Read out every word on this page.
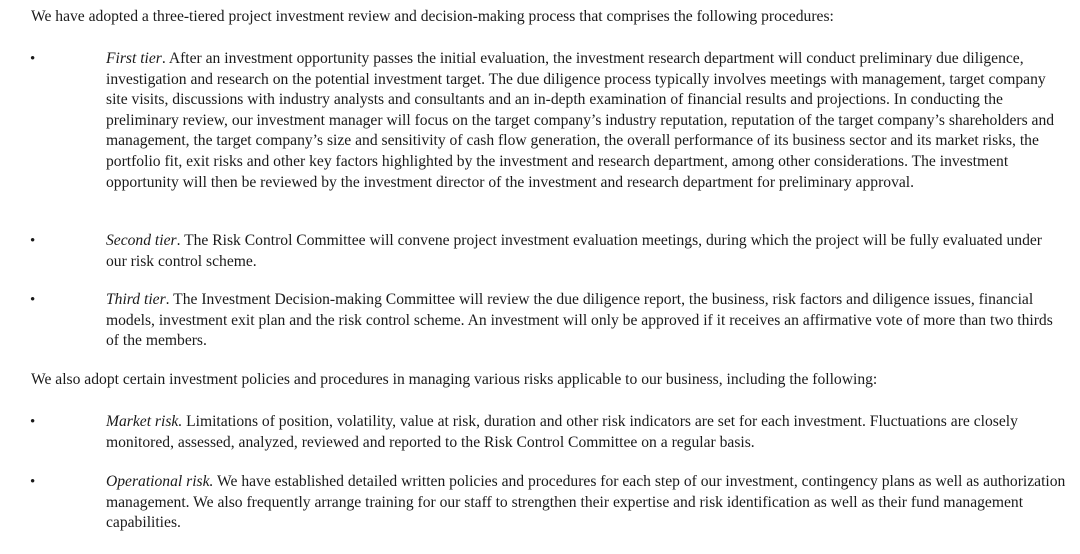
We have adopted a three-tiered project investment review and decision-making process that comprises the following procedures:

•	First tier. After an investment opportunity passes the initial evaluation, the investment research department will conduct preliminary due diligence, investigation and research on the potential investment target. The due diligence process typically involves meetings with management, target company site visits, discussions with industry analysts and consultants and an in-depth examination of financial results and projections. In conducting the preliminary review, our investment manager will focus on the target company’s industry reputation, reputation of the target company’s shareholders and management, the target company’s size and sensitivity of cash flow generation, the overall performance of its business sector and its market risks, the portfolio fit, exit risks and other key factors highlighted by the investment and research department, among other considerations. The investment opportunity will then be reviewed by the investment director of the investment and research department for preliminary approval.

•	Second tier. The Risk Control Committee will convene project investment evaluation meetings, during which the project will be fully evaluated under our risk control scheme.

•	Third tier. The Investment Decision-making Committee will review the due diligence report, the business, risk factors and diligence issues, financial models, investment exit plan and the risk control scheme. An investment will only be approved if it receives an affirmative vote of more than two thirds of the members.

We also adopt certain investment policies and procedures in managing various risks applicable to our business, including the following:

•	Market risk. Limitations of position, volatility, value at risk, duration and other risk indicators are set for each investment. Fluctuations are closely monitored, assessed, analyzed, reviewed and reported to the Risk Control Committee on a regular basis.

•	Operational risk. We have established detailed written policies and procedures for each step of our investment, contingency plans as well as authorization management. We also frequently arrange training for our staff to strengthen their expertise and risk identification as well as their fund management capabilities.
